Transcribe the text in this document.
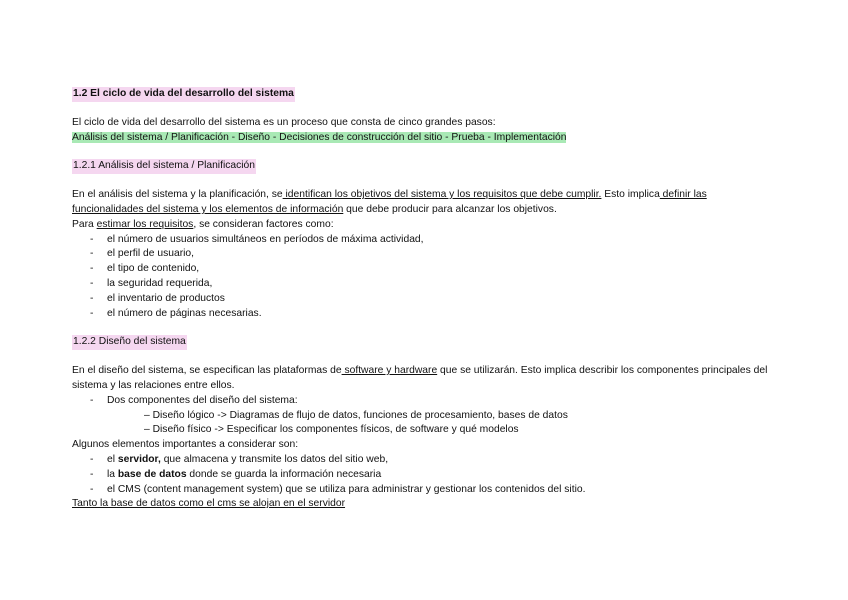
1.2 El ciclo de vida del desarrollo del sistema

El ciclo de vida del desarrollo del sistema es un proceso que consta de cinco grandes pasos:

Análisis del sistema / Planificación - Diseño - Decisiones de construcción del sitio - Prueba - Implementación

1.2.1 Análisis del sistema / Planificación

En el análisis del sistema y la planificación, se identifican los objetivos del sistema y los requisitos que debe cumplir. Esto implica definir las funcionalidades del sistema y los elementos de información que debe producir para alcanzar los objetivos.

Para estimar los requisitos, se consideran factores como:

- el número de usuarios simultáneos en períodos de máxima actividad,
- el perfil de usuario,
- el tipo de contenido,
- la seguridad requerida,
- el inventario de productos
- el número de páginas necesarias.

1.2.2 Diseño del sistema

En el diseño del sistema, se especifican las plataformas de software y hardware que se utilizarán. Esto implica describir los componentes principales del sistema y las relaciones entre ellos.

- Dos componentes del diseño del sistema:

– Diseño lógico -> Diagramas de flujo de datos, funciones de procesamiento, bases de datos

– Diseño físico -> Especificar los componentes físicos, de software y qué modelos

Algunos elementos importantes a considerar son:

- el servidor, que almacena y transmite los datos del sitio web,
- la base de datos donde se guarda la información necesaria
- el CMS (content management system) que se utiliza para administrar y gestionar los contenidos del sitio.

Tanto la base de datos como el cms se alojan en el servidor
